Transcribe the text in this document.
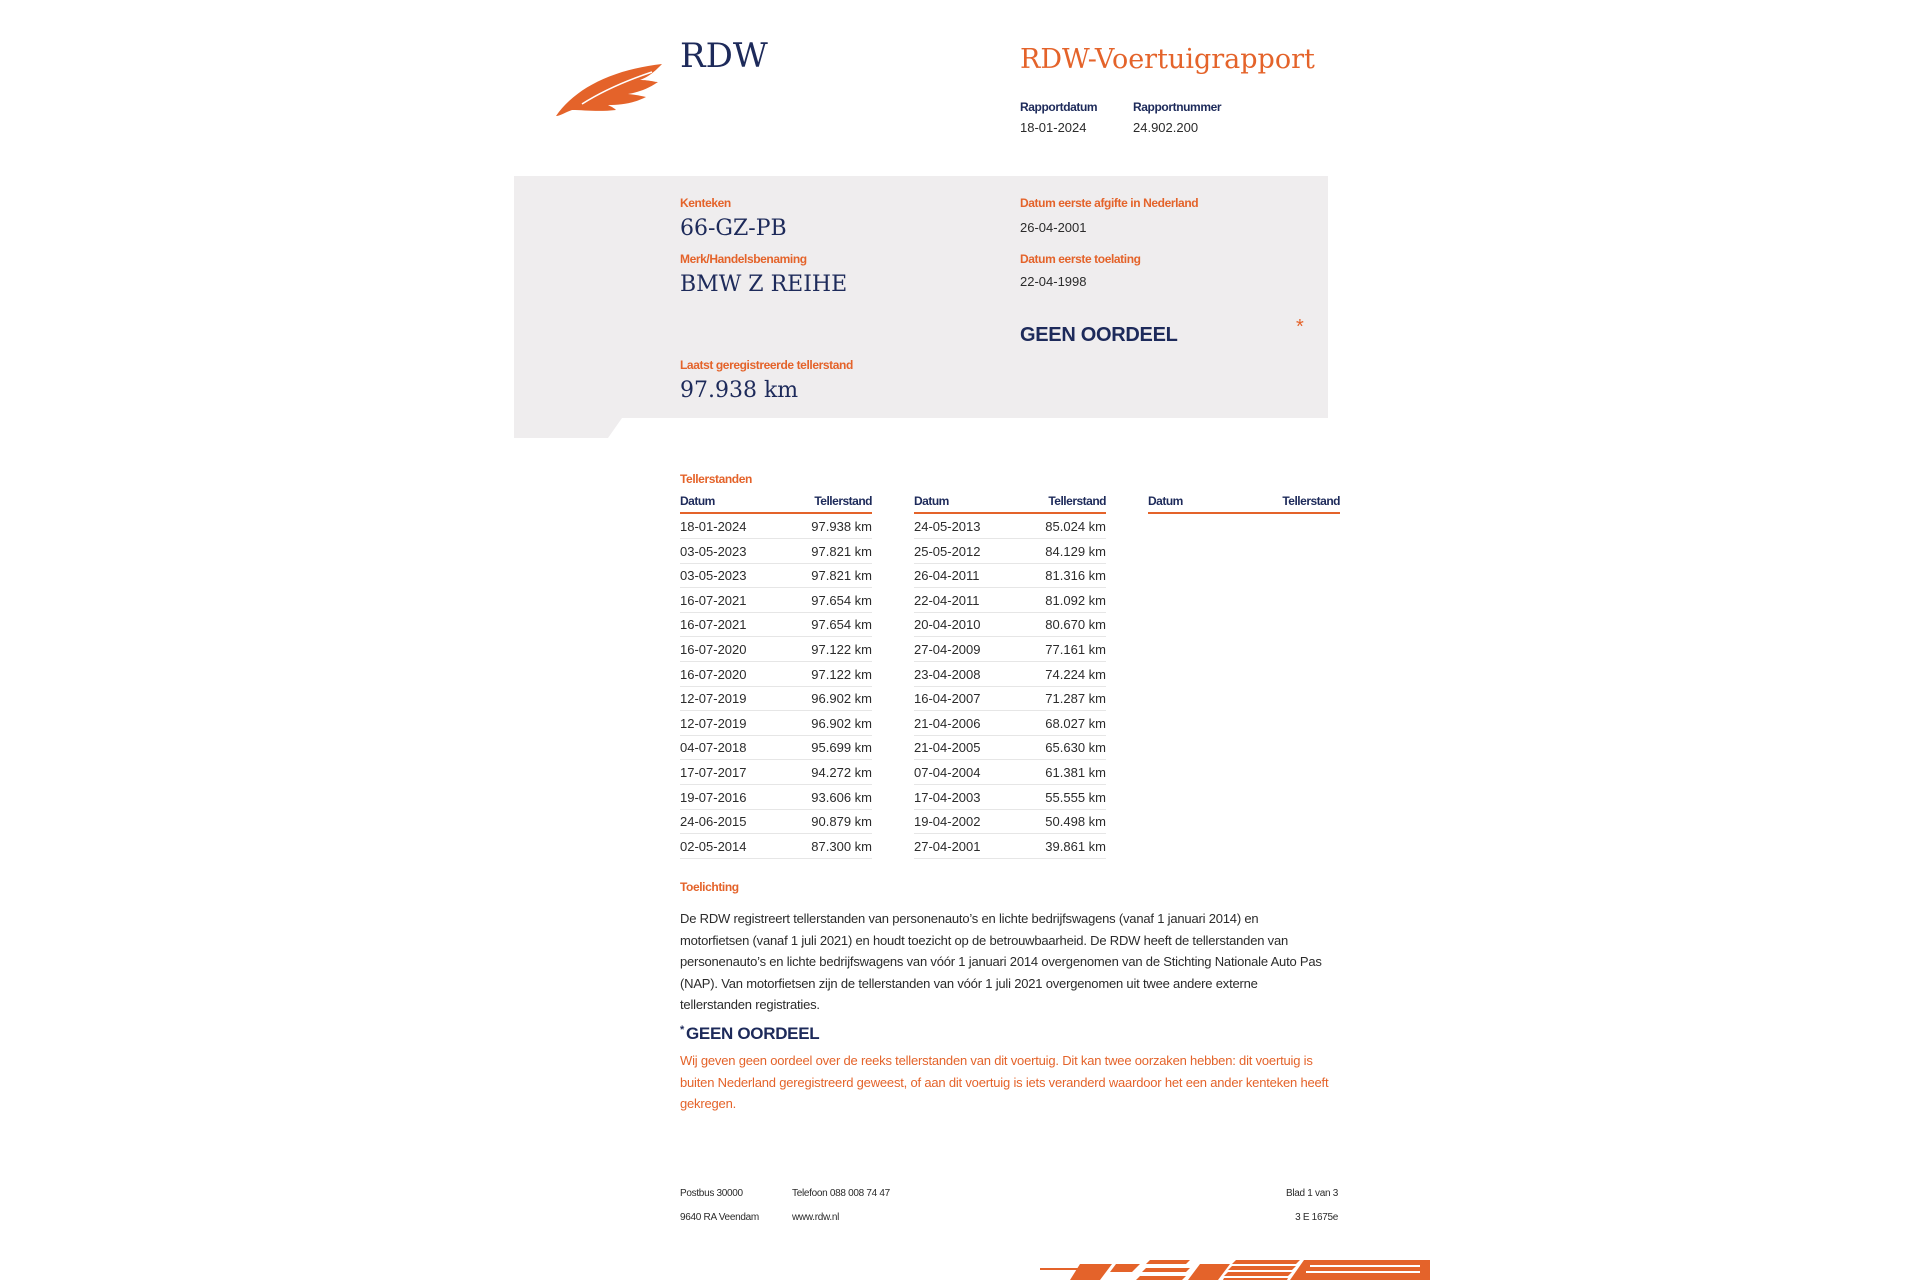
RDW	RDW-Voertuigrapport
Rapportdatum	Rapportnummer
18-01-2024	24.902.200
Kenteken
66-GZ-PB
Merk/Handelsbenaming
BMW Z REIHE
Datum eerste afgifte in Nederland
26-04-2001
Datum eerste toelating
22-04-1998
GEEN OORDEEL	*
Laatst geregistreerde tellerstand
97.938 km
Tellerstanden
Datum	Tellerstand	Datum	Tellerstand	Datum	Tellerstand
18-01-2024	97.938 km
03-05-2023	97.821 km
03-05-2023	97.821 km
16-07-2021	97.654 km
16-07-2021	97.654 km
16-07-2020	97.122 km
16-07-2020	97.122 km
12-07-2019	96.902 km
12-07-2019	96.902 km
04-07-2018	95.699 km
17-07-2017	94.272 km
19-07-2016	93.606 km
24-06-2015	90.879 km
02-05-2014	87.300 km
24-05-2013	85.024 km
25-05-2012	84.129 km
26-04-2011	81.316 km
22-04-2011	81.092 km
20-04-2010	80.670 km
27-04-2009	77.161 km
23-04-2008	74.224 km
16-04-2007	71.287 km
21-04-2006	68.027 km
21-04-2005	65.630 km
07-04-2004	61.381 km
17-04-2003	55.555 km
19-04-2002	50.498 km
27-04-2001	39.861 km
Toelichting
De RDW registreert tellerstanden van personenauto’s en lichte bedrijfswagens (vanaf 1 januari 2014) en motorfietsen (vanaf 1 juli 2021) en houdt toezicht op de betrouwbaarheid. De RDW heeft de tellerstanden van personenauto’s en lichte bedrijfswagens van vóór 1 januari 2014 overgenomen van de Stichting Nationale Auto Pas (NAP). Van motorfietsen zijn de tellerstanden van vóór 1 juli 2021 overgenomen uit twee andere externe tellerstanden registraties.
* GEEN OORDEEL
Wij geven geen oordeel over de reeks tellerstanden van dit voertuig. Dit kan twee oorzaken hebben: dit voertuig is buiten Nederland geregistreerd geweest, of aan dit voertuig is iets veranderd waardoor het een ander kenteken heeft gekregen.
Postbus 30000
9640 RA Veendam
Telefoon 088 008 74 47
www.rdw.nl
Blad 1 van 3
3 E 1675e
